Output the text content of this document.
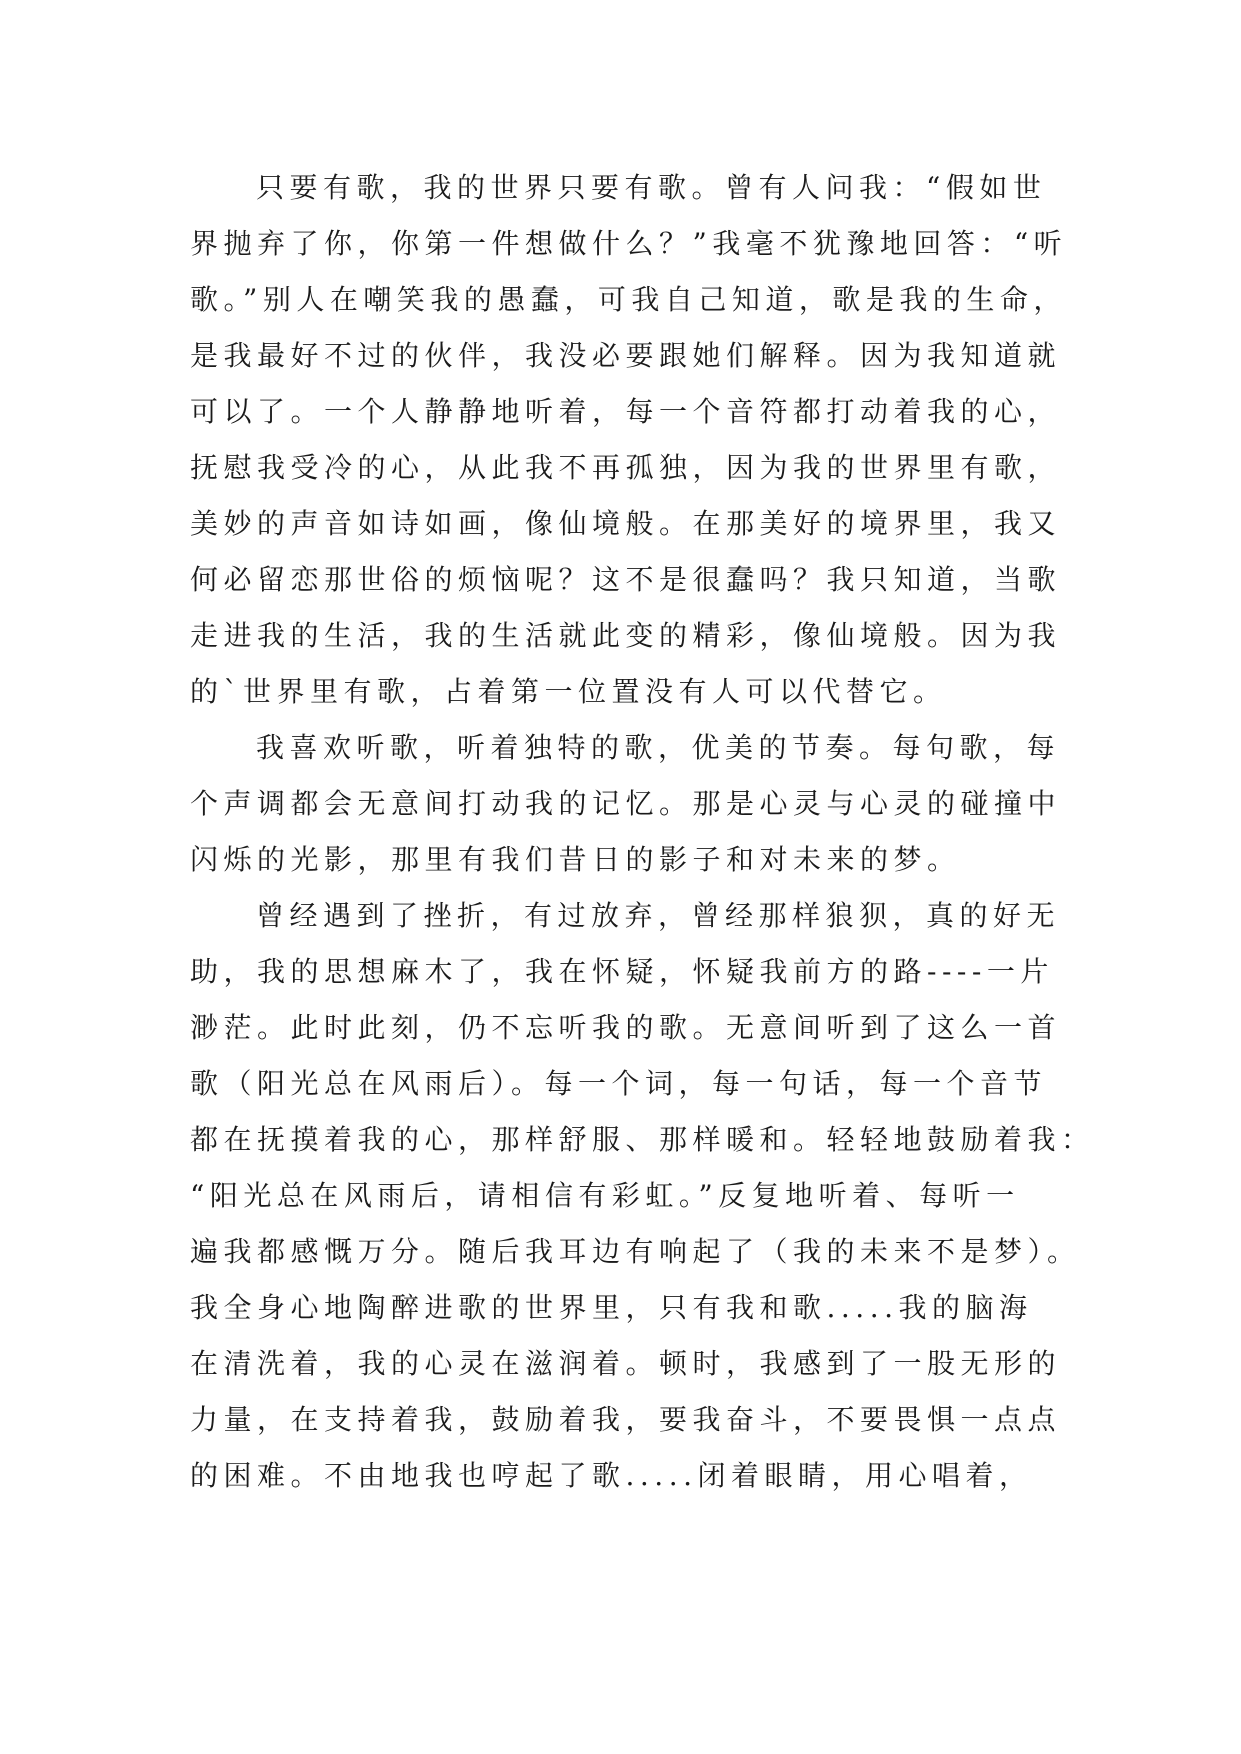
只要有歌，我的世界只要有歌。曾有人问我：“假如世
界抛弃了你，你第一件想做什么？”我毫不犹豫地回答：“听
歌。”别人在嘲笑我的愚蠢，可我自己知道，歌是我的生命，
是我最好不过的伙伴，我没必要跟她们解释。因为我知道就
可以了。一个人静静地听着，每一个音符都打动着我的心，
抚慰我受冷的心，从此我不再孤独，因为我的世界里有歌，
美妙的声音如诗如画，像仙境般。在那美好的境界里，我又
何必留恋那世俗的烦恼呢？这不是很蠢吗？我只知道，当歌
走进我的生活，我的生活就此变的精彩，像仙境般。因为我
的`世界里有歌，占着第一位置没有人可以代替它。
我喜欢听歌，听着独特的歌，优美的节奏。每句歌，每
个声调都会无意间打动我的记忆。那是心灵与心灵的碰撞中
闪烁的光影，那里有我们昔日的影子和对未来的梦。
曾经遇到了挫折，有过放弃，曾经那样狼狈，真的好无
助，我的思想麻木了，我在怀疑，怀疑我前方的路----一片
渺茫。此时此刻，仍不忘听我的歌。无意间听到了这么一首
歌（阳光总在风雨后）。每一个词，每一句话，每一个音节
都在抚摸着我的心，那样舒服、那样暖和。轻轻地鼓励着我：
“阳光总在风雨后，请相信有彩虹。”反复地听着、每听一
遍我都感慨万分。随后我耳边有响起了（我的未来不是梦）。
我全身心地陶醉进歌的世界里，只有我和歌.....我的脑海
在清洗着，我的心灵在滋润着。顿时，我感到了一股无形的
力量，在支持着我，鼓励着我，要我奋斗，不要畏惧一点点
的困难。不由地我也哼起了歌.....闭着眼睛，用心唱着，
